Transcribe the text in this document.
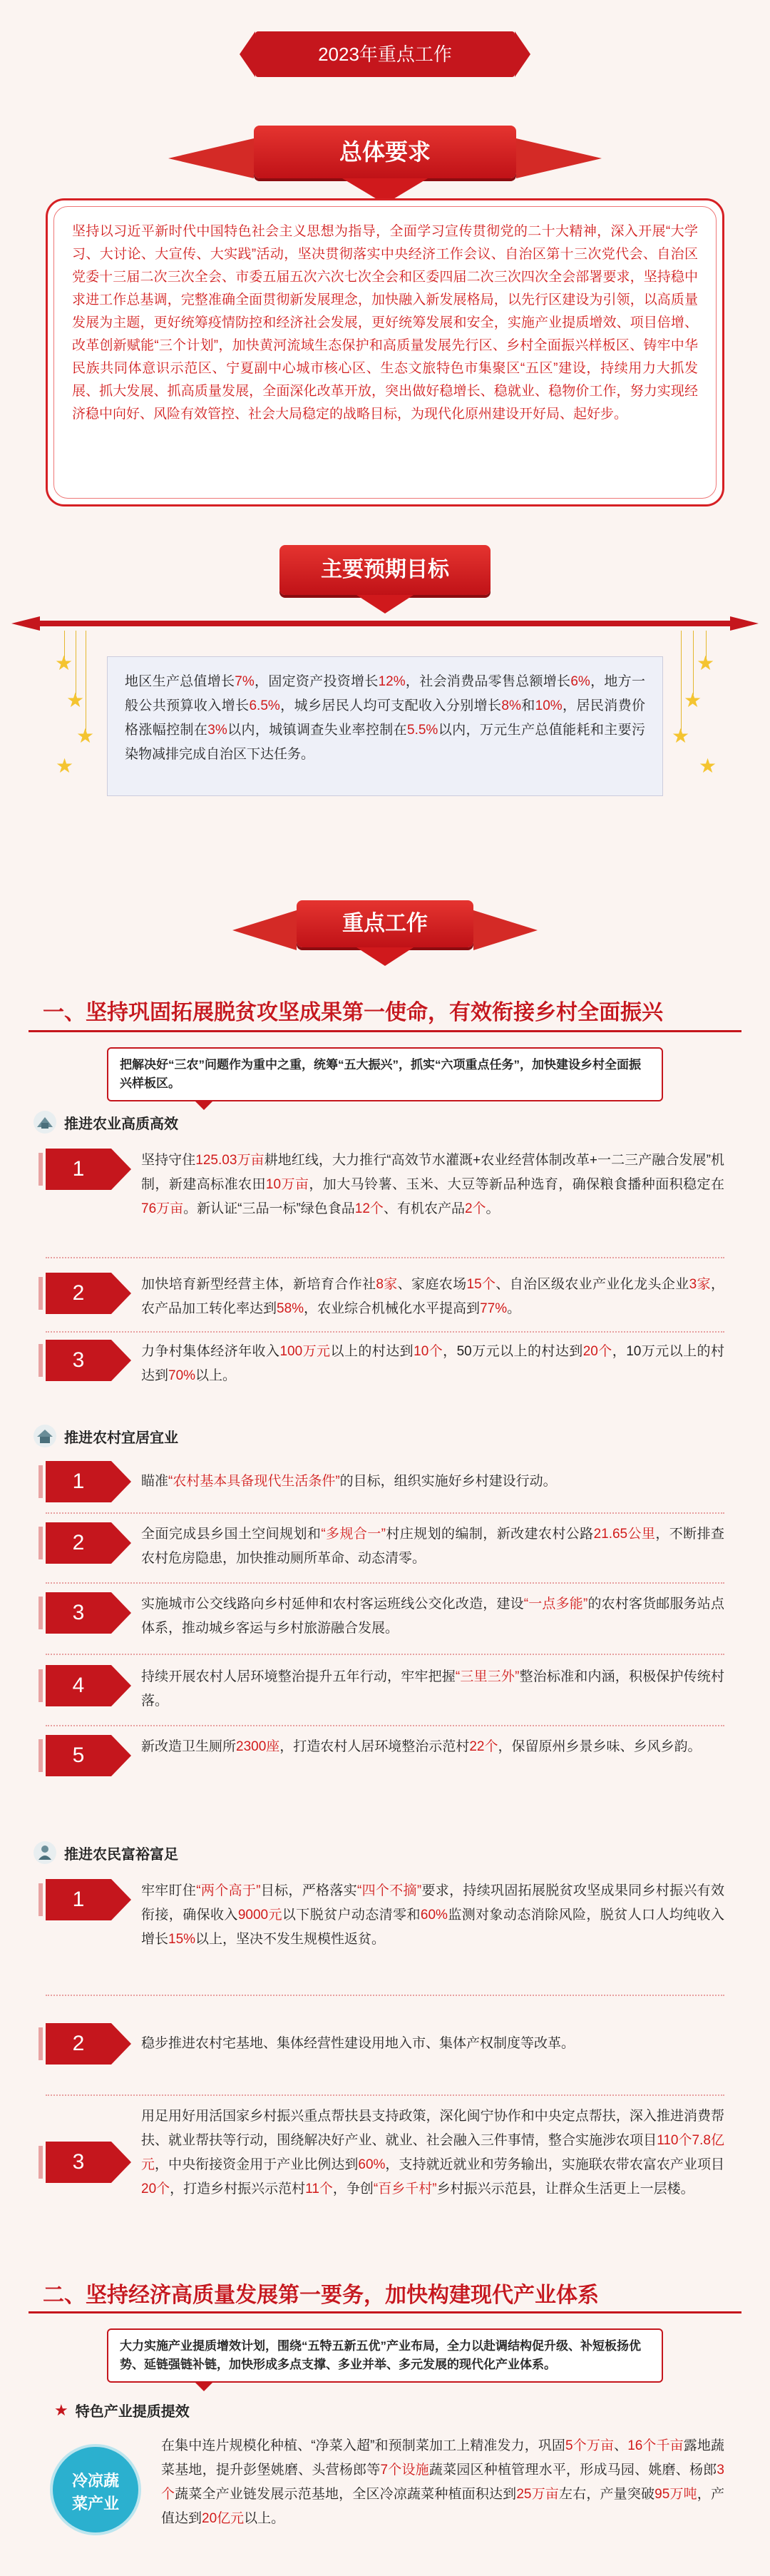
2023年重点工作
总体要求

坚持以习近平新时代中国特色社会主义思想为指导，全面学习宣传贯彻党的二十大精神，深入开展“大学习、大讨论、大宣传、大实践”活动，坚决贯彻落实中央经济工作会议、自治区第十三次党代会、自治区党委十三届二次三次全会、市委五届五次六次七次全会和区委四届二次三次四次全会部署要求，坚持稳中求进工作总基调，完整准确全面贯彻新发展理念，加快融入新发展格局，以先行区建设为引领，以高质量发展为主题，更好统筹疫情防控和经济社会发展，更好统筹发展和安全，实施产业提质增效、项目倍增、改革创新赋能“三个计划”，加快黄河流域生态保护和高质量发展先行区、乡村全面振兴样板区、铸牢中华民族共同体意识示范区、宁夏副中心城市核心区、生态文旅特色市集聚区“五区”建设，持续用力大抓发展、抓大发展、抓高质量发展，全面深化改革开放，突出做好稳增长、稳就业、稳物价工作，努力实现经济稳中向好、风险有效管控、社会大局稳定的战略目标，为现代化原州建设开好局、起好步。

主要预期目标
★
★
★
★
★
★
★
★

地区生产总值增长7%，固定资产投资增长12%，社会消费品零售总额增长6%，地方一般公共预算收入增长6.5%，城乡居民人均可支配收入分别增长8%和10%，居民消费价格涨幅控制在3%以内，城镇调查失业率控制在5.5%以内，万元生产总值能耗和主要污染物减排完成自治区下达任务。

重点工作
一、坚持巩固拓展脱贫攻坚成果第一使命，有效衔接乡村全面振兴
把解决好“三农”问题作为重中之重，统筹“五大振兴”，抓实“六项重点任务”，加快建设乡村全面振兴样板区。
推进农业高质高效
1	坚持守住125.03万亩耕地红线，大力推行“高效节水灌溉+农业经营体制改革+一二三产融合发展”机制，新建高标准农田10万亩，加大马铃薯、玉米、大豆等新品种选育，确保粮食播种面积稳定在76万亩。新认证“三品一标”绿色食品12个、有机农产品2个。

2	加快培育新型经营主体，新培育合作社8家、家庭农场15个、自治区级农业产业化龙头企业3家，农产品加工转化率达到58%，农业综合机械化水平提高到77%。

3	力争村集体经济年收入100万元以上的村达到10个，50万元以上的村达到20个，10万元以上的村达到70%以上。

推进农村宜居宜业
1	瞄准“农村基本具备现代生活条件”的目标，组织实施好乡村建设行动。

2	全面完成县乡国土空间规划和“多规合一”村庄规划的编制，新改建农村公路21.65公里，不断排查农村危房隐患，加快推动厕所革命、动态清零。

3	实施城市公交线路向乡村延伸和农村客运班线公交化改造，建设“一点多能”的农村客货邮服务站点体系，推动城乡客运与乡村旅游融合发展。

4	持续开展农村人居环境整治提升五年行动，牢牢把握“三里三外”整治标准和内涵，积极保护传统村落。

5	新改造卫生厕所2300座，打造农村人居环境整治示范村22个，保留原州乡景乡味、乡风乡韵。

推进农民富裕富足
1	牢牢盯住“两个高于”目标，严格落实“四个不摘”要求，持续巩固拓展脱贫攻坚成果同乡村振兴有效衔接，确保收入9000元以下脱贫户动态清零和60%监测对象动态消除风险，脱贫人口人均纯收入增长15%以上，坚决不发生规模性返贫。

2	稳步推进农村宅基地、集体经营性建设用地入市、集体产权制度等改革。

3

用足用好用活国家乡村振兴重点帮扶县支持政策，深化闽宁协作和中央定点帮扶，深入推进消费帮扶、就业帮扶等行动，围绕解决好产业、就业、社会融入三件事情，整合实施涉农项目110个7.8亿元，中央衔接资金用于产业比例达到60%，支持就近就业和劳务输出，实施联农带农富农产业项目20个，打造乡村振兴示范村11个，争创“百乡千村”乡村振兴示范县，让群众生活更上一层楼。

二、坚持经济高质量发展第一要务，加快构建现代产业体系
大力实施产业提质增效计划，围绕“五特五新五优”产业布局，全力以赴调结构促升级、补短板扬优势、延链强链补链，加快形成多点支撑、多业并举、多元发展的现代化产业体系。
★ 特色产业提质提效
冷凉蔬
菜产业

在集中连片规模化种植、“净菜入超”和预制菜加工上精准发力，巩固5个万亩、16个千亩露地蔬菜基地，提升彭堡姚磨、头营杨郎等7个设施蔬菜园区种植管理水平，形成马园、姚磨、杨郎3个蔬菜全产业链发展示范基地，全区冷凉蔬菜种植面积达到25万亩左右，产量突破95万吨，产值达到20亿元以上。
